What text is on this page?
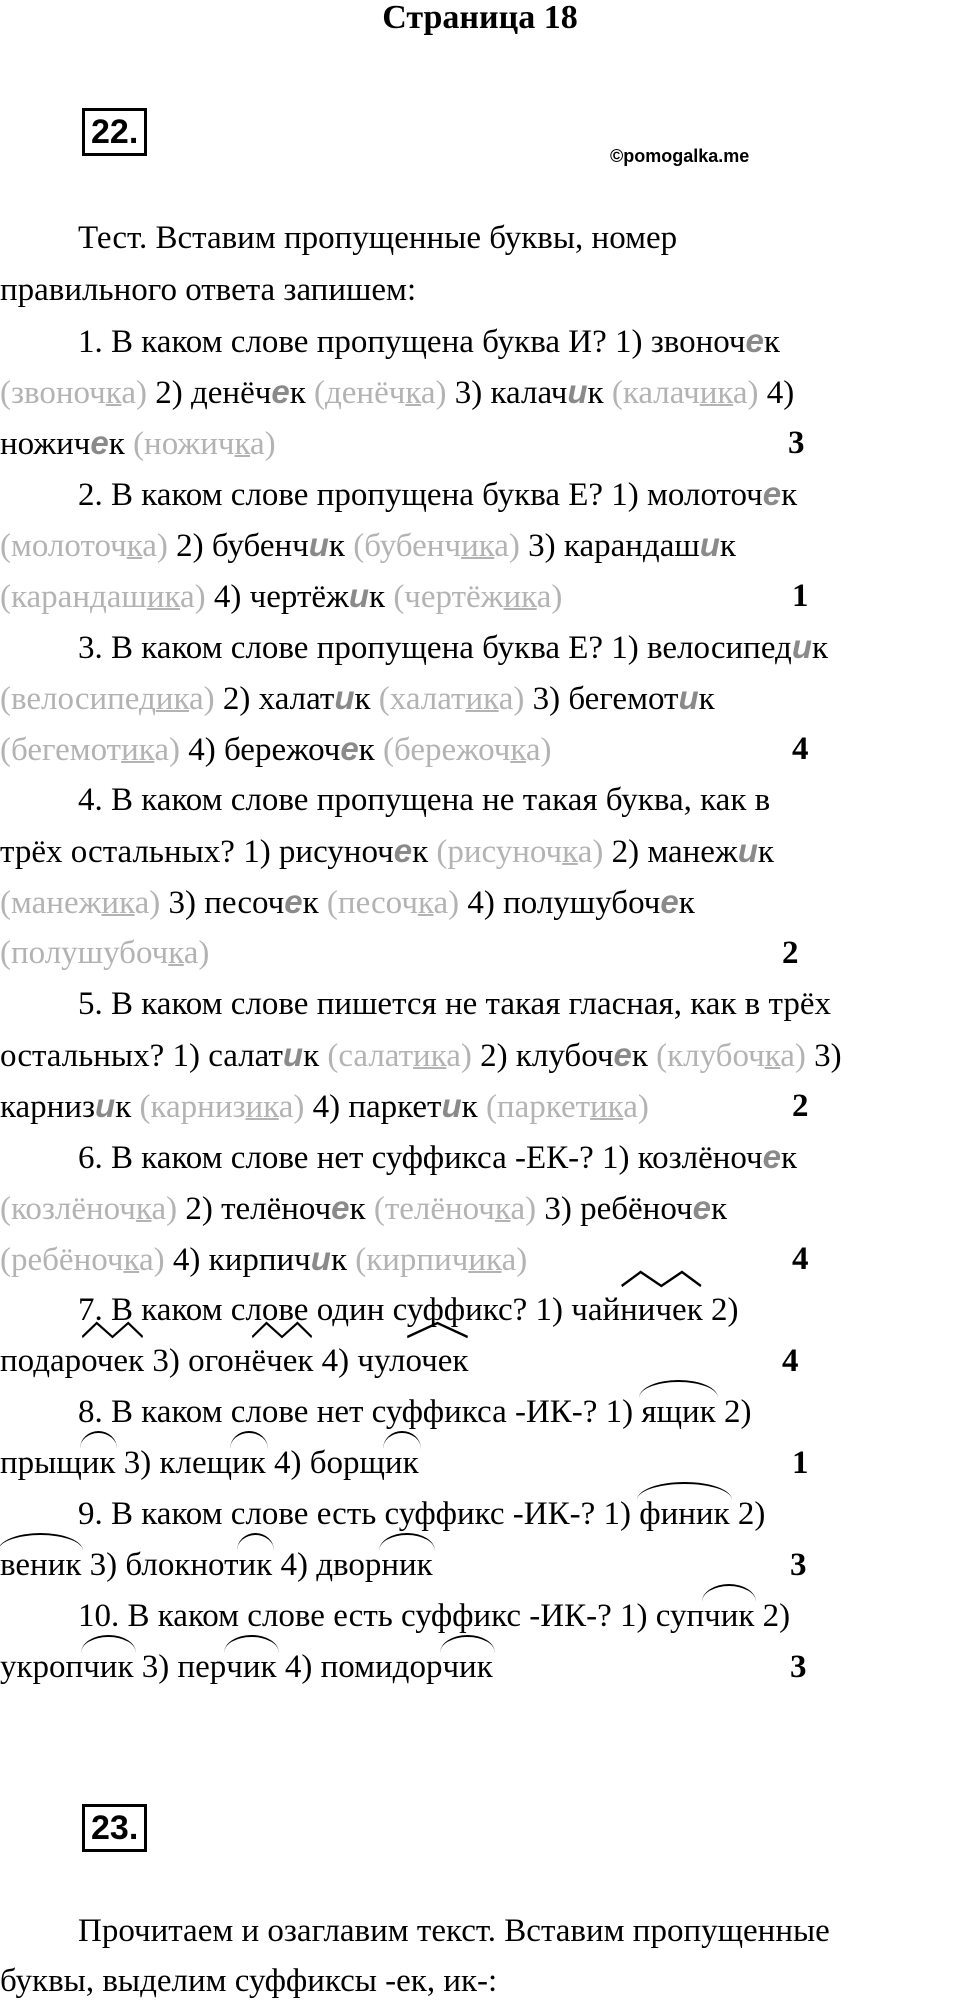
Страница 18
22.
©pomogalka.me
Тест. Вставим пропущенные буквы, номер
правильного ответа запишем:
1. В каком слове пропущена буква И? 1) звоночек
(звоночка) 2) денёчек (денёчка) 3) калачик (калачика) 4)
ножичек (ножичка)	3
2. В каком слове пропущена буква Е? 1) молоточек
(молоточка) 2) бубенчик (бубенчика) 3) карандашик
(карандашика) 4) чертёжик (чертёжика)	1
3. В каком слове пропущена буква Е? 1) велосипедик
(велосипедика) 2) халатик (халатика) 3) бегемотик
(бегемотика) 4) бережочек (бережочка)	4
4. В каком слове пропущена не такая буква, как в
трёх остальных? 1) рисуночек (рисуночка) 2) манежик
(манежика) 3) песочек (песочка) 4) полушубочек
(полушубочка)	2
5. В каком слове пишется не такая гласная, как в трёх
остальных? 1) салатик (салатика) 2) клубочек (клубочка) 3)
карнизик (карнизика) 4) паркетик (паркетика)	2
6. В каком слове нет суффикса -ЕК-? 1) козлёночек
(козлёночка) 2) телёночек (телёночка) 3) ребёночек
(ребёночка) 4) кирпичик (кирпичика)	4
7. В каком слове один суффикс? 1) чай
ничек 2)
подар
очек 3) огон
ёчек 4) чул
очек	4
8. В каком слове нет суффикса -ИК-? 1) ящик 2)
прыщик 3) клещик 4) борщик	1
9. В каком слове есть суффикс -ИК-? 1) финик 2)
веник 3) блокнотик 4) дворник	3
10. В каком слове есть суффикс -ИК-? 1) супчик 2)
укропчик 3) перчик 4) помидорчик	3
23.
Прочитаем и озаглавим текст. Вставим пропущенные
буквы, выделим суффиксы -ек, ик-:
